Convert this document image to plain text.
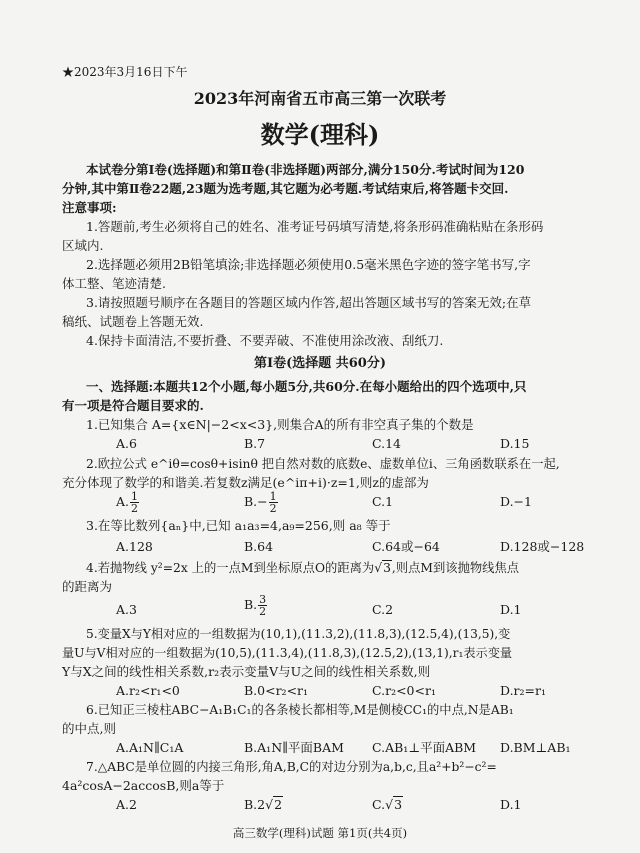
★2023年3月16日下午
2023年河南省五市高三第一次联考
数学(理科)
本试卷分第Ⅰ卷(选择题)和第Ⅱ卷(非选择题)两部分,满分150分.考试时间为120
分钟,其中第Ⅱ卷22题,23题为选考题,其它题为必考题.考试结束后,将答题卡交回.
注意事项:
1.答题前,考生必须将自己的姓名、准考证号码填写清楚,将条形码准确粘贴在条形码
区域内.
2.选择题必须用2B铅笔填涂;非选择题必须使用0.5毫米黑色字迹的签字笔书写,字
体工整、笔迹清楚.
3.请按照题号顺序在各题目的答题区域内作答,超出答题区域书写的答案无效;在草
稿纸、试题卷上答题无效.
4.保持卡面清洁,不要折叠、不要弄破、不准使用涂改液、刮纸刀.
第Ⅰ卷(选择题 共60分)
一、选择题:本题共12个小题,每小题5分,共60分.在每小题给出的四个选项中,只
有一项是符合题目要求的.
1.已知集合 A={x∈N|−2<x<3},则集合A的所有非空真子集的个数是
A.6	B.7	C.14	D.15
2.欧拉公式 e^iθ=cosθ+isinθ 把自然对数的底数e、虚数单位i、三角函数联系在一起,
充分体现了数学的和谐美.若复数z满足(e^iπ+i)·z=1,则z的虚部为
A. $\frac{1}{2}$	$B.- \frac{1}{2}$	C.1	D.−1
3.在等比数列{aₙ}中,已知 a₁a₃=4,a₉=256,则 a₈ 等于
A.128	B.64	C.64或−64	D.128或−128
4.若抛物线 y²=2x 上的一点M到坐标原点O的距离为√3,则点M到该抛物线焦点
的距离为
A.3	B. $\frac{3}{2}$	C.2	D.1
5.变量X与Y相对应的一组数据为(10,1),(11.3,2),(11.8,3),(12.5,4),(13,5),变
量U与V相对应的一组数据为(10,5),(11.3,4),(11.8,3),(12.5,2),(13,1),r₁表示变量
Y与X之间的线性相关系数,r₂表示变量V与U之间的线性相关系数,则
A.r₂<r₁<0	B.0<r₂<r₁	C.r₂<0<r₁	D.r₂=r₁
6.已知正三棱柱ABC−A₁B₁C₁的各条棱长都相等,M是侧棱CC₁的中点,N是AB₁
的中点,则
A.A₁N∥C₁A	B.A₁N∥平面BAM C.AB₁⊥平面ABM D.BM⊥AB₁
7.△ABC是单位圆的内接三角形,角A,B,C的对边分别为a,b,c,且a²+b²−c²=
4a²cosA−2accosB,则a等于
A.2	B.2√2	C.√3	D.1
高三数学(理科)试题 第1页(共4页)
